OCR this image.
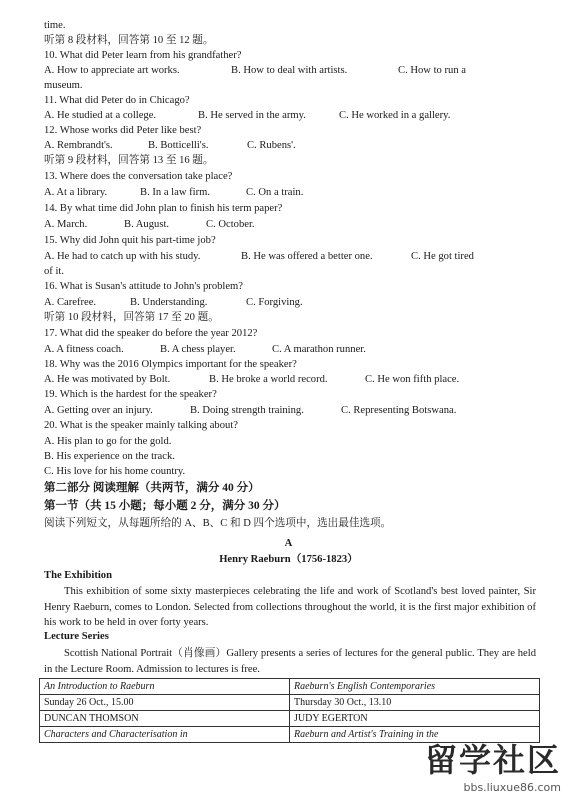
time.
听第 8 段材料，回答第 10 至 12 题。
10. What did Peter learn from his grandfather?
A. How to appreciate art works.	B. How to deal with artists.	C. How to run a
museum.
11. What did Peter do in Chicago?
A. He studied at a college.	B. He served in the army.	C. He worked in a gallery.
12. Whose works did Peter like best?
A. Rembrandt's.	B. Botticelli's.	C. Rubens'.
听第 9 段材料，回答第 13 至 16 题。
13. Where does the conversation take place?
A. At a library.	B. In a law firm.	C. On a train.
14. By what time did John plan to finish his term paper?
A. March.	B. August.	C. October.
15. Why did John quit his part-time job?
A. He had to catch up with his study.	B. He was offered a better one.	C. He got tired
of it.
16. What is Susan's attitude to John's problem?
A. Carefree.	B. Understanding.	C. Forgiving.
听第 10 段材料，回答第 17 至 20 题。
17. What did the speaker do before the year 2012?
A. A fitness coach.	B. A chess player.	C. A marathon runner.
18. Why was the 2016 Olympics important for the speaker?
A. He was motivated by Bolt.	B. He broke a world record.	C. He won fifth place.
19. Which is the hardest for the speaker?
A. Getting over an injury.	B. Doing strength training.	C. Representing Botswana.
20. What is the speaker mainly talking about?
A. His plan to go for the gold.
B. His experience on the track.
C. His love for his home country.
第二部分 阅读理解（共两节，满分 40 分）
第一节（共 15 小题；每小题 2 分，满分 30 分）
阅读下列短文，从每题所给的 A、B、C 和 D 四个选项中，选出最佳选项。
A
Henry Raeburn（1756-1823）
The Exhibition
This exhibition of some sixty masterpieces celebrating the life and work of Scotland's best loved painter, Sir Henry Raeburn, comes to London. Selected from collections throughout the world, it is the first major exhibition of his work to be held in over forty years.
Lecture Series
Scottish National Portrait（肖像画）Gallery presents a series of lectures for the general public. They are held in the Lecture Room. Admission to lectures is free.
An Introduction to Raeburn	Raeburn's English Contemporaries
Sunday 26 Oct., 15.00	Thursday 30 Oct., 13.10
DUNCAN THOMSON	JUDY EGERTON
Characters and Characterisation in	Raeburn and Artist's Training in the
留学社区
bbs.liuxue86.com
